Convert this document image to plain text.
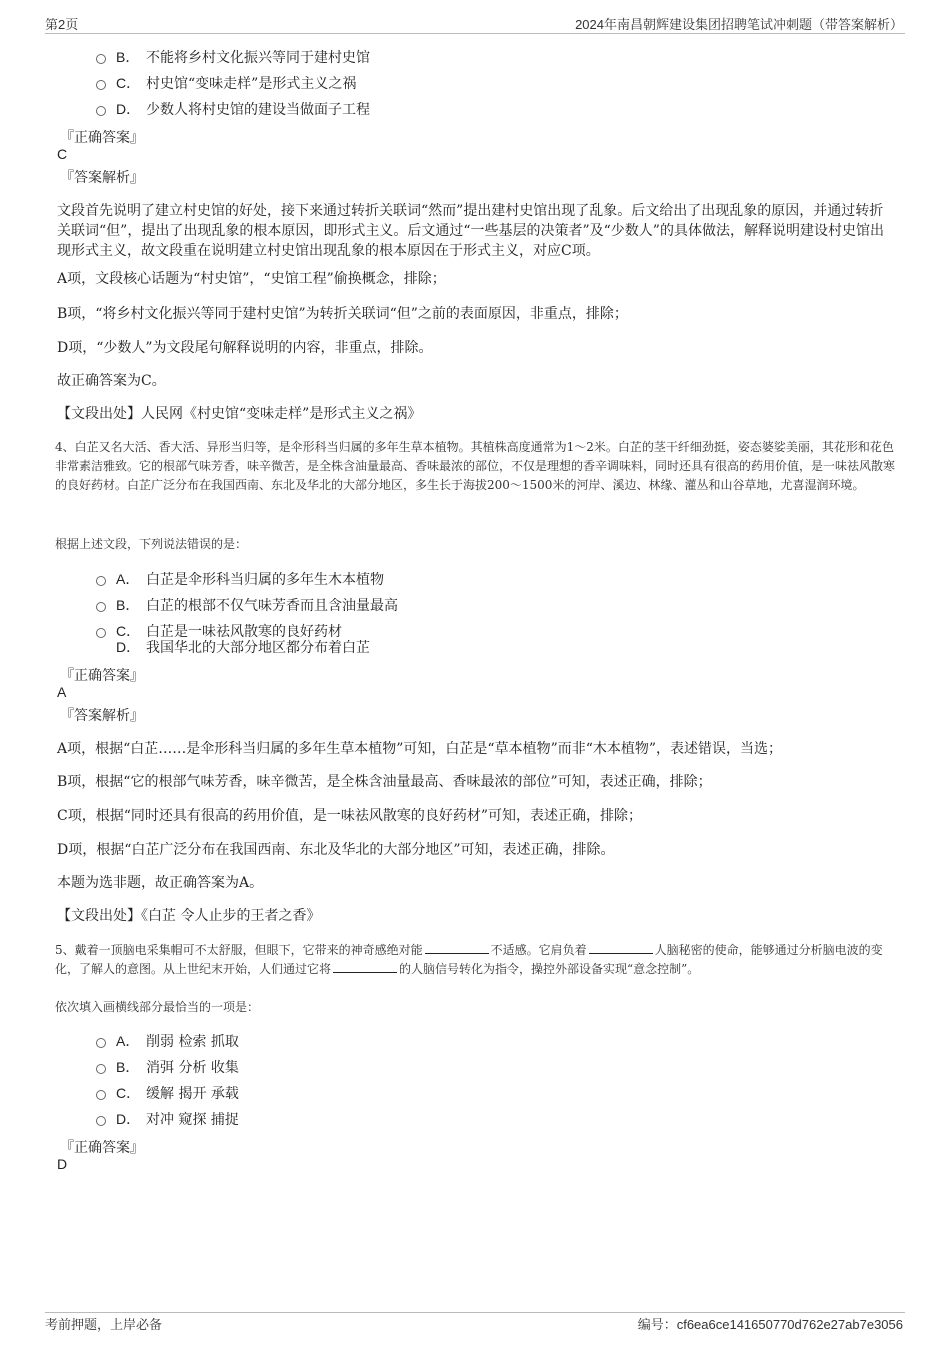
第2页	2024年南昌朝辉建设集团招聘笔试冲刺题（带答案解析）
B． 不能将乡村文化振兴等同于建村史馆
C． 村史馆“变味走样”是形式主义之祸
D． 少数人将村史馆的建设当做面子工程
『正确答案』
C
『答案解析』
文段首先说明了建立村史馆的好处，接下来通过转折关联词“然而”提出建村史馆出现了乱象。后文给出了出现乱象的原因，并通过转折关联词“但”，提出了出现乱象的根本原因，即形式主义。后文通过“一些基层的决策者”及“少数人”的具体做法，解释说明建设村史馆出现形式主义，故文段重在说明建立村史馆出现乱象的根本原因在于形式主义，对应C项。
A项，文段核心话题为“村史馆”，“史馆工程”偷换概念，排除；
B项，“将乡村文化振兴等同于建村史馆”为转折关联词“但”之前的表面原因，非重点，排除；
D项，“少数人”为文段尾句解释说明的内容，非重点，排除。
故正确答案为C。
【文段出处】人民网《村史馆“变味走样”是形式主义之祸》
4、白芷又名大活、香大活、异形当归等，是伞形科当归属的多年生草本植物。其植株高度通常为1～2米。白芷的茎干纤细劲挺，姿态婆娑美丽，其花形和花色非常素洁雅致。它的根部气味芳香，味辛微苦，是全株含油量最高、香味最浓的部位，不仅是理想的香辛调味料，同时还具有很高的药用价值，是一味祛风散寒的良好药材。白芷广泛分布在我国西南、东北及华北的大部分地区，多生长于海拔200～1500米的河岸、溪边、林缘、灌丛和山谷草地，尤喜湿润环境。
根据上述文段，下列说法错误的是：
A． 白芷是伞形科当归属的多年生木本植物
B． 白芷的根部不仅气味芳香而且含油量最高
C． 白芷是一味祛风散寒的良好药材
D． 我国华北的大部分地区都分布着白芷
『正确答案』
A
『答案解析』
A项，根据“白芷……是伞形科当归属的多年生草本植物”可知，白芷是“草本植物”而非“木本植物”，表述错误，当选；
B项，根据“它的根部气味芳香，味辛微苦，是全株含油量最高、香味最浓的部位”可知，表述正确，排除；
C项，根据“同时还具有很高的药用价值，是一味祛风散寒的良好药材”可知，表述正确，排除；
D项，根据“白芷广泛分布在我国西南、东北及华北的大部分地区”可知，表述正确，排除。
本题为选非题，故正确答案为A。
【文段出处】《白芷 令人止步的王者之香》
5、戴着一顶脑电采集帽可不太舒服，但眼下，它带来的神奇感绝对能	不适感。它肩负着	人脑秘密的使命，能够通过分析脑电波的变化，了解人的意图。从上世纪末开始，人们通过它将	的人脑信号转化为指令，操控外部设备实现“意念控制”。
依次填入画横线部分最恰当的一项是：
A． 削弱 检索 抓取
B． 消弭 分析 收集
C． 缓解 揭开 承载
D． 对冲 窥探 捕捉
『正确答案』
D
考前押题，上岸必备	编号：cf6ea6ce141650770d762e27ab7e3056
